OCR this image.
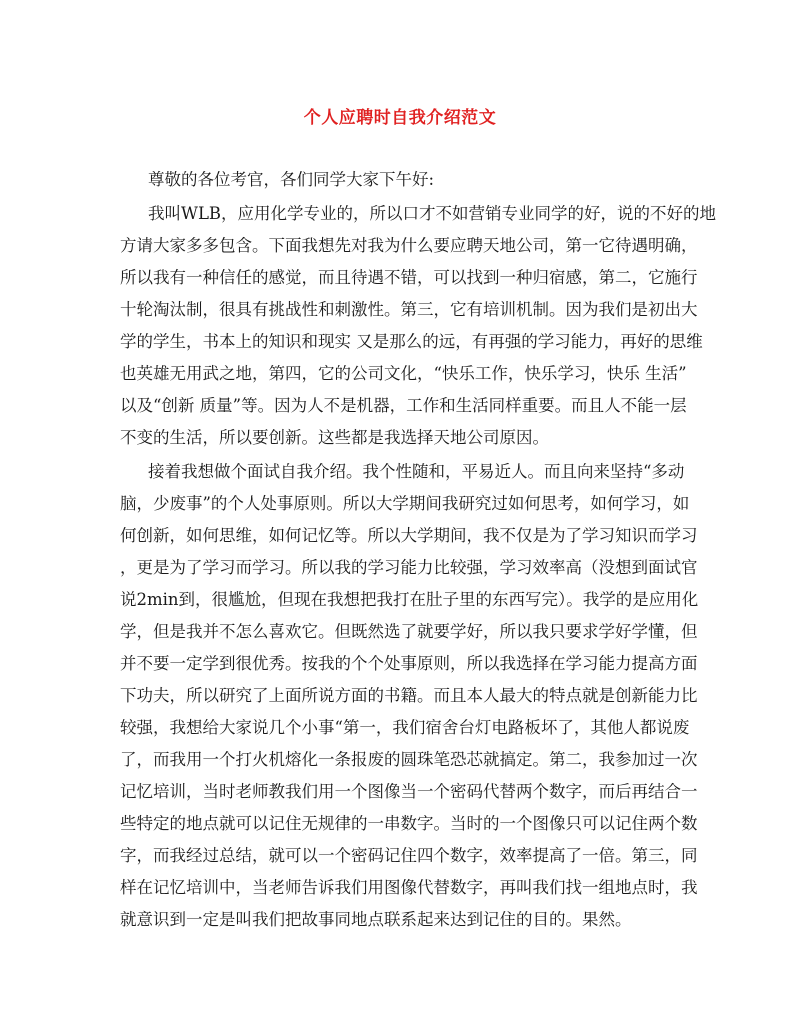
个人应聘时自我介绍范文
尊敬的各位考官，各们同学大家下午好:
我叫WLB，应用化学专业的，所以口才不如营销专业同学的好，说的不好的地
方请大家多多包含。下面我想先对我为什么要应聘天地公司，第一它待遇明确，
所以我有一种信任的感觉，而且待遇不错，可以找到一种归宿感，第二，它施行
十轮淘汰制，很具有挑战性和刺激性。第三，它有培训机制。因为我们是初出大
学的学生，书本上的知识和现实 又是那么的远，有再强的学习能力，再好的思维
也英雄无用武之地，第四，它的公司文化，“快乐工作，快乐学习，快乐 生活”
以及“创新 质量”等。因为人不是机器，工作和生活同样重要。而且人不能一层
不变的生活，所以要创新。这些都是我选择天地公司原因。
接着我想做个面试自我介绍。我个性随和，平易近人。而且向来坚持“多动
脑，少废事”的个人处事原则。所以大学期间我研究过如何思考，如何学习，如
何创新，如何思维，如何记忆等。所以大学期间，我不仅是为了学习知识而学习
，更是为了学习而学习。所以我的学习能力比较强，学习效率高（没想到面试官
说2min到，很尴尬，但现在我想把我打在肚子里的东西写完）。我学的是应用化
学，但是我并不怎么喜欢它。但既然选了就要学好，所以我只要求学好学懂，但
并不要一定学到很优秀。按我的个个处事原则，所以我选择在学习能力提高方面
下功夫，所以研究了上面所说方面的书籍。而且本人最大的特点就是创新能力比
较强，我想给大家说几个小事“第一，我们宿舍台灯电路板坏了，其他人都说废
了，而我用一个打火机熔化一条报废的圆珠笔恐芯就搞定。第二，我参加过一次
记忆培训，当时老师教我们用一个图像当一个密码代替两个数字，而后再结合一
些特定的地点就可以记住无规律的一串数字。当时的一个图像只可以记住两个数
字，而我经过总结，就可以一个密码记住四个数字，效率提高了一倍。第三，同
样在记忆培训中，当老师告诉我们用图像代替数字，再叫我们找一组地点时，我
就意识到一定是叫我们把故事同地点联系起来达到记住的目的。果然。
